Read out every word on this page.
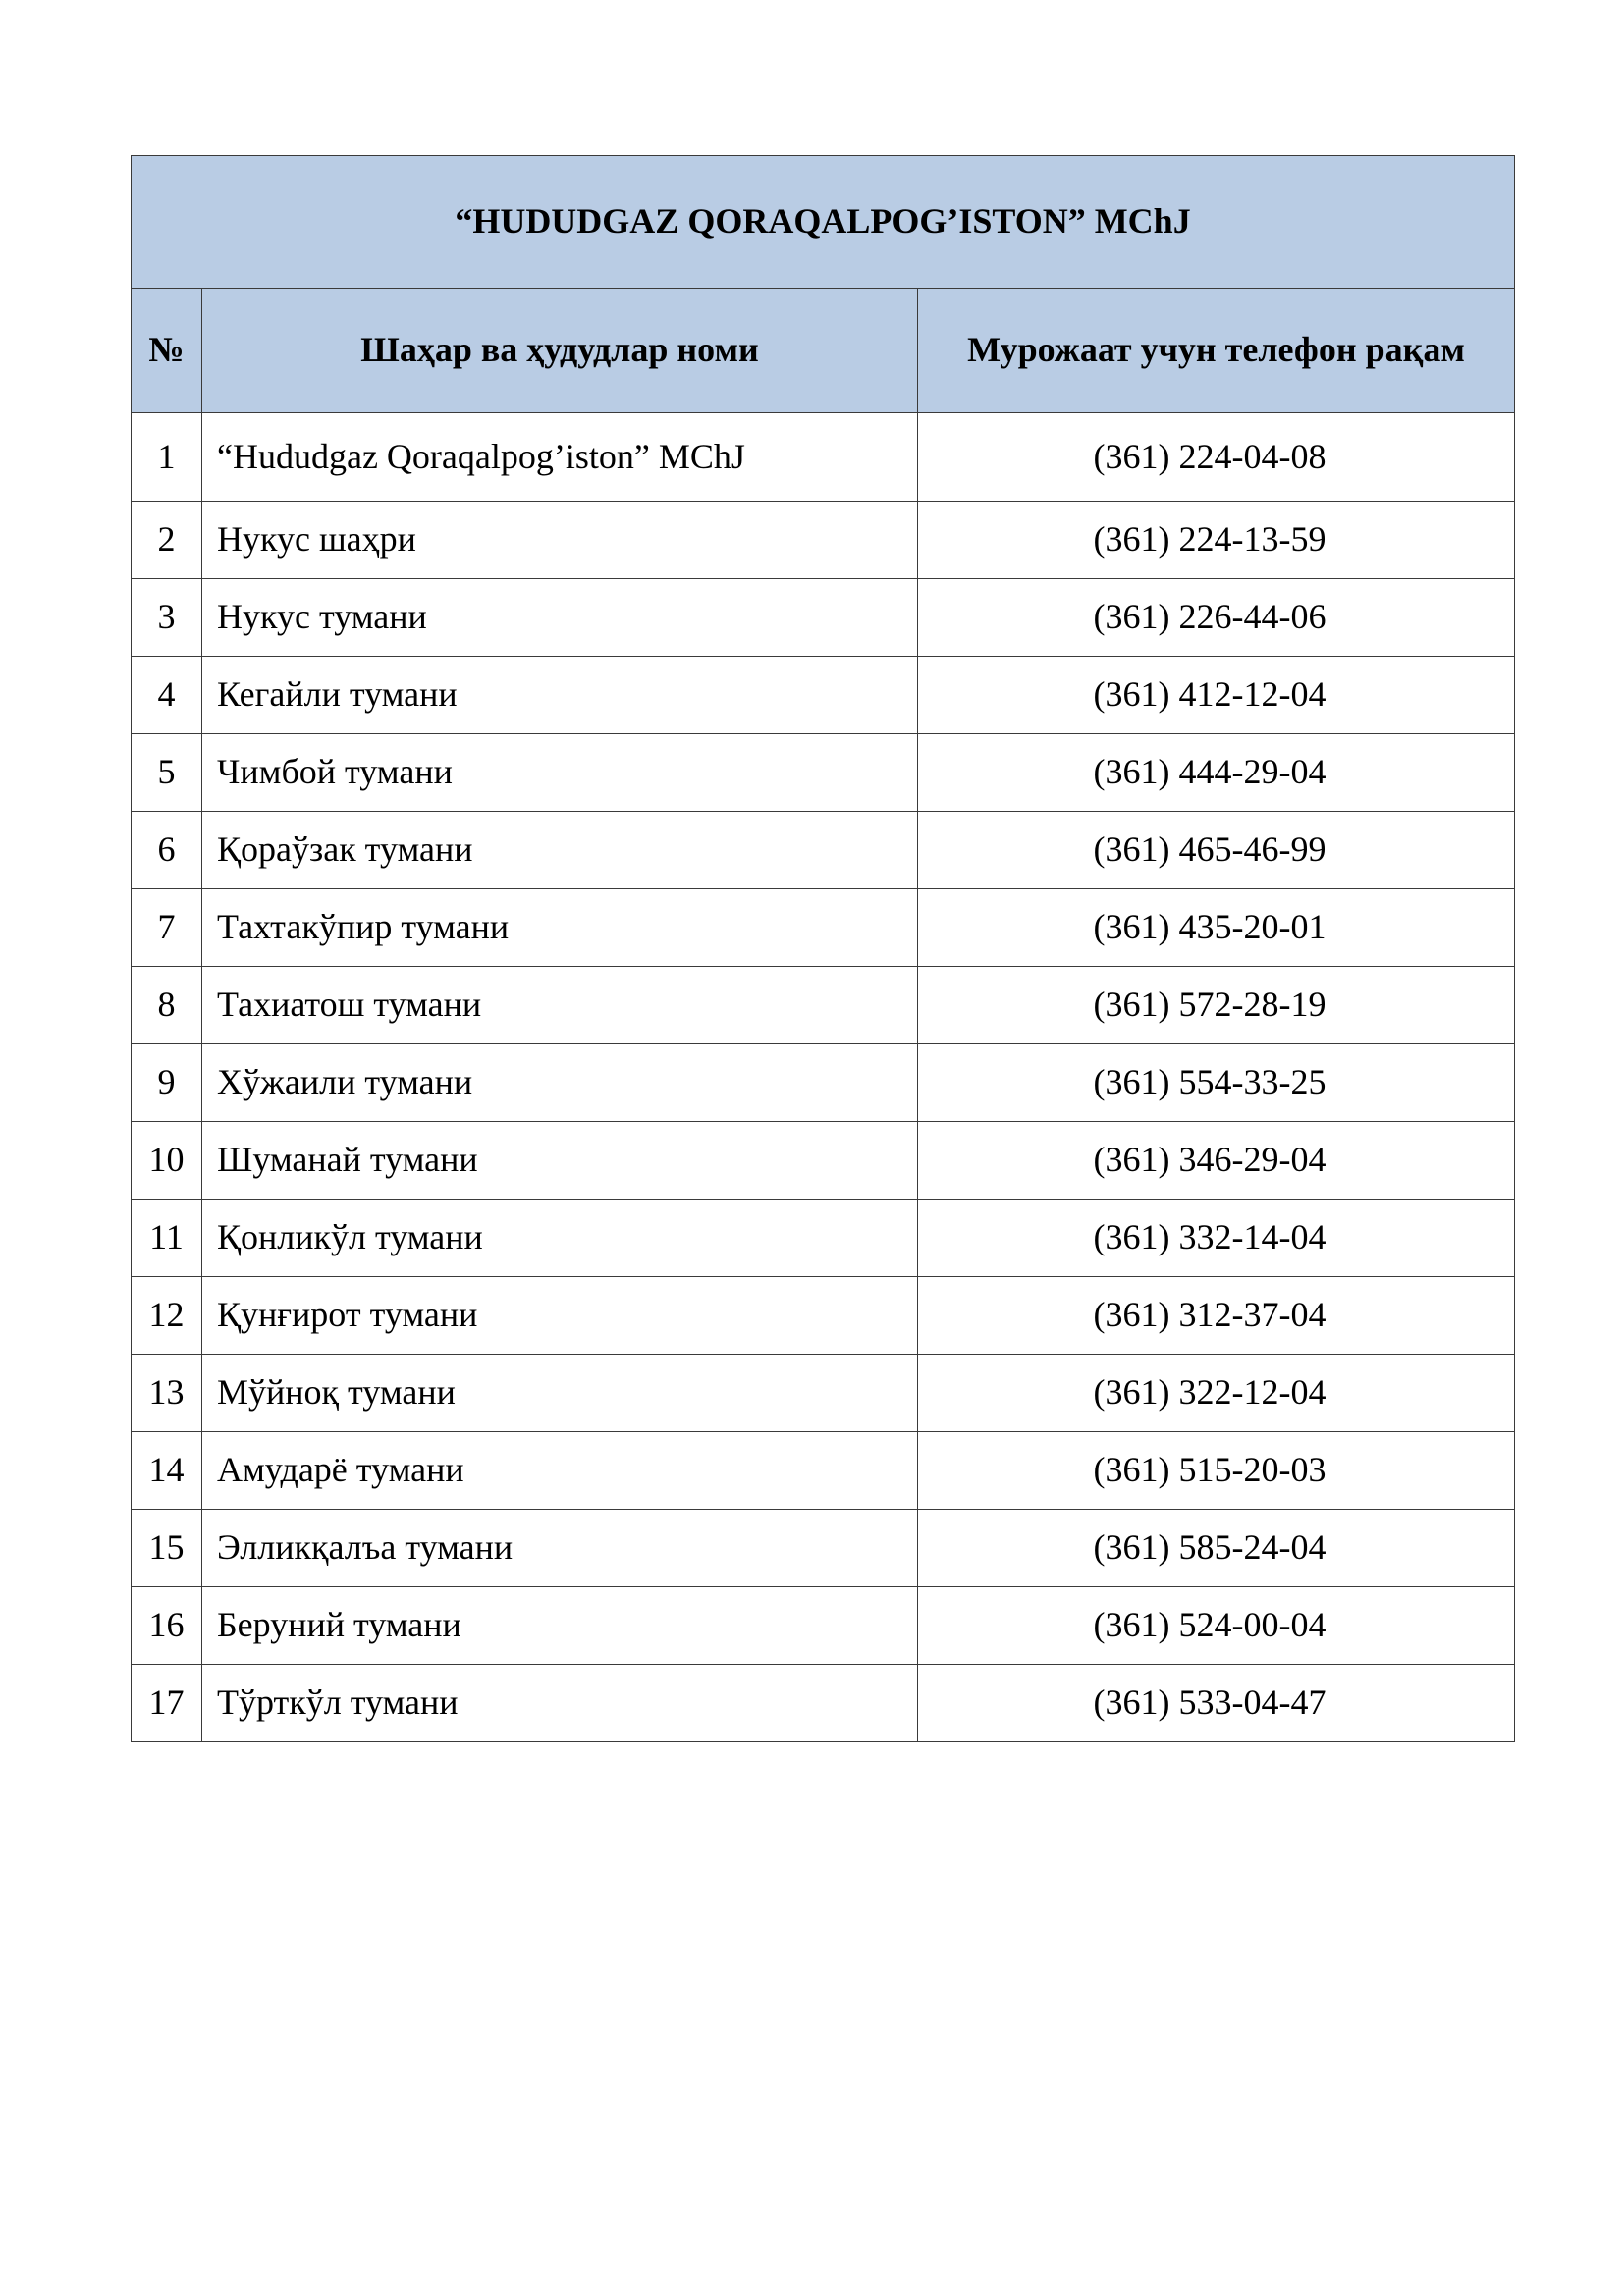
“HUDUDGAZ QORAQALPOG’ISTON” MChJ		
№	Шаҳар ва ҳудудлар номи	Мурожаат учун телефон рақам
1	“Hududgaz Qoraqalpog’iston” MChJ	(361) 224-04-08
2	Нукус шаҳри	(361) 224-13-59
3	Нукус тумани	(361) 226-44-06
4	Кегайли тумани	(361) 412-12-04
5	Чимбой тумани	(361) 444-29-04
6	Қораўзак тумани	(361) 465-46-99
7	Тахтакўпир тумани	(361) 435-20-01
8	Тахиатош тумани	(361) 572-28-19
9	Хўжаили тумани	(361) 554-33-25
10	Шуманай тумани	(361) 346-29-04
11	Қонликўл тумани	(361) 332-14-04
12	Қунғирот тумани	(361) 312-37-04
13	Мўйноқ тумани	(361) 322-12-04
14	Амударё тумани	(361) 515-20-03
15	Элликқалъа тумани	(361) 585-24-04
16	Беруний тумани	(361) 524-00-04
17	Тўрткўл тумани	(361) 533-04-47
